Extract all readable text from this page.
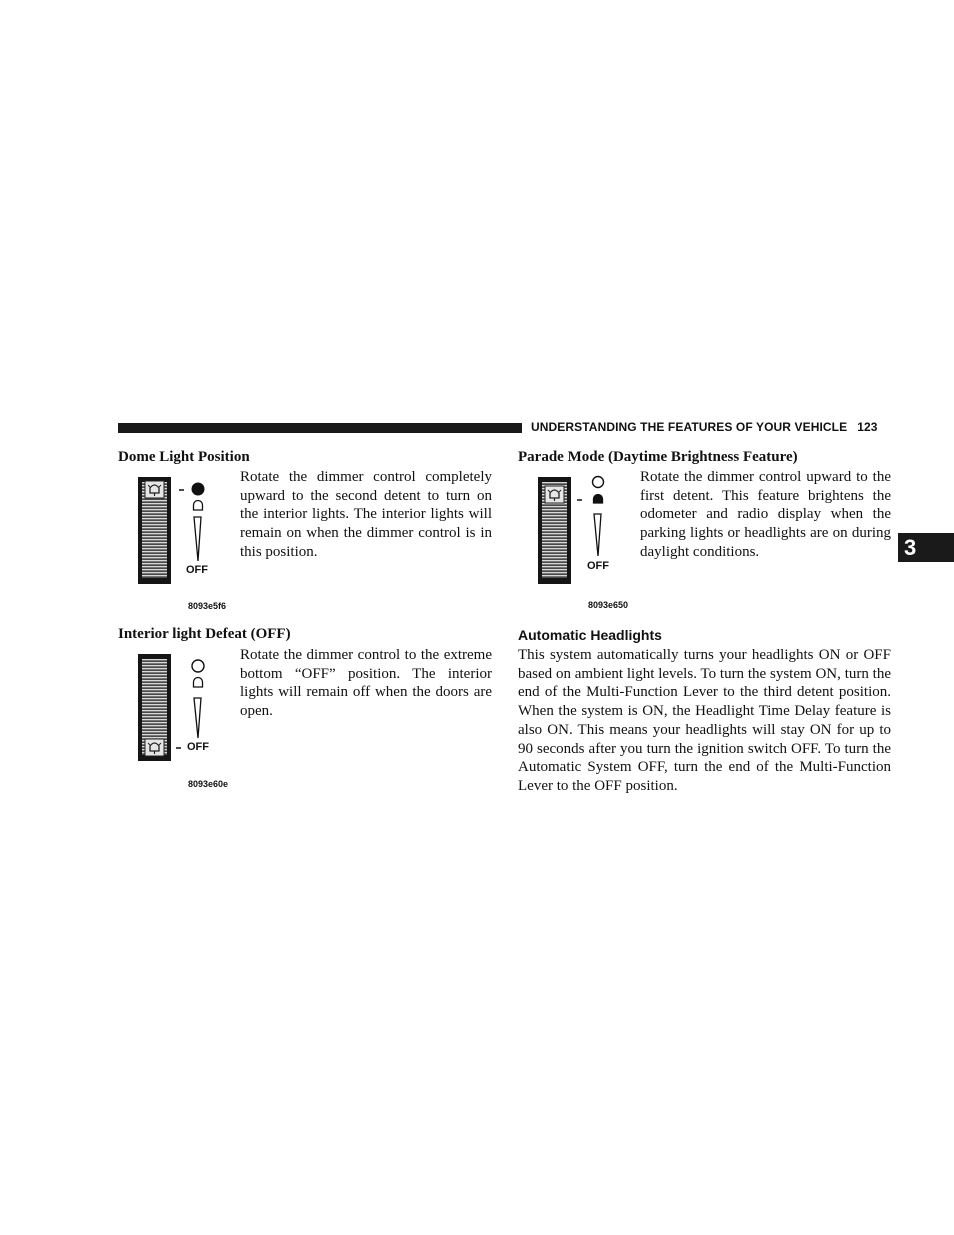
UNDERSTANDING THE FEATURES OF YOUR VEHICLE 123
3
Dome Light Position
OFF
8093e5f6

Rotate the dimmer control completely upward to the second detent to turn on the interior lights. The interior lights will remain on when the dimmer control is in this position.

Interior light Defeat (OFF)
OFF
8093e60e

Rotate the dimmer control to the extreme bottom “OFF” position. The interior lights will remain off when the doors are open.

Parade Mode (Daytime Brightness Feature)
OFF
8093e650

Rotate the dimmer control upward to the first detent. This feature brightens the odometer and radio display when the parking lights or headlights are on during daylight conditions.

Automatic Headlights

This system automatically turns your headlights ON or OFF based on ambient light levels. To turn the system ON, turn the end of the Multi-Function Lever to the third detent position. When the system is ON, the Headlight Time Delay feature is also ON. This means your headlights will stay ON for up to 90 seconds after you turn the ignition switch OFF. To turn the Automatic System OFF, turn the end of the Multi-Function Lever to the OFF position.
